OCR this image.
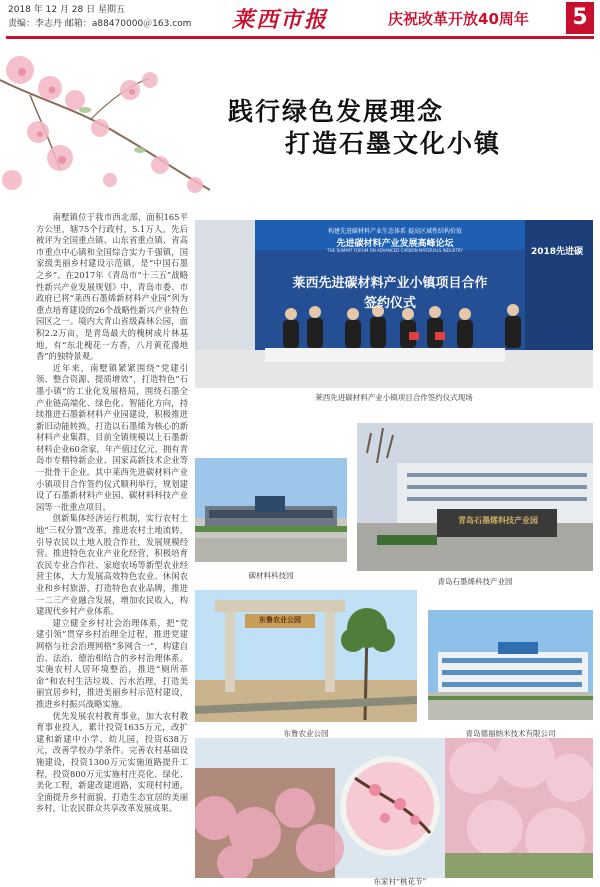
2018 年 12 月 28 日 星期五
责编：李志丹 邮箱：a88470000＠163.com 莱西市报	庆祝改革开放40周年 5
践行绿色发展理念
打造石墨文化小镇

南墅镇位于我市西北部，面积165平方公里，辖75个行政村，5.1万人。先后被评为全国重点镇、山东省重点镇、省高市重点中心镇和全国综合实力千强镇，国家级美丽乡村建设示范镇，是“中国石墨之乡”。在2017年《青岛市“十三五”战略性新兴产业发展规划》中，青岛市委、市政府已将“莱西石墨烯新材料产业园”列为重点培育建设的26个战略性新兴产业特色园区之一。境内大青山省级森林公园，面积2.2万亩，是青岛最大的槐树成片林基地，有“东北槐花一方香，八月黄花漫地香”的独特景观。

近年来，南墅镇紧紧围绕“党建引领、整合资源、提质增效”，打造特色“石墨小镇”的工业化发展格局，围绕石墨全产业链高端化、绿色化、智能化方向，持续推进石墨新材料产业园建设，积极推进新旧动能转换，打造以石墨烯为核心的新材料产业集群，目前全镇规模以上石墨新材料企业60余家，年产值过亿元，拥有青岛市专精特新企业、国家高新技术企业等一批骨干企业。其中莱西先进碳材料产业小镇项目合作签约仪式顺利举行，规划建设了石墨新材料产业园、碳材料科技产业园等一批重点项目。

创新集体经济运行机制，实行农村土地“三权分置”改革，推进农村土地流转，引导农民以土地入股合作社，发展规模经营。推进特色农业产业化经营，积极培育农民专业合作社、家庭农场等新型农业经营主体，大力发展高效特色农业、休闲农业和乡村旅游，打造特色农业品牌，推进一二三产业融合发展，增加农民收入，构建现代乡村产业体系。

建立健全乡村社会治理体系，把“党建引领”贯穿乡村治理全过程，推进党建网格与社会治理网格“多网合一”，构建自治、法治、德治相结合的乡村治理体系。实施农村人居环境整治，推进“厕所革命”和农村生活垃圾、污水治理，打造美丽宜居乡村，推进美丽乡村示范村建设，推进乡村振兴战略实施。

优先发展农村教育事业，加大农村教育事业投入，累计投资1635万元，改扩建和新建中小学、幼儿园，投资638万元，改善学校办学条件。完善农村基础设施建设，投资1300万元实施道路提升工程，投资800万元实施村庄亮化、绿化、美化工程，新建改建道路，实现村村通，全面提升乡村面貌，打造生态宜居的美丽乡村，让农民群众共享改革发展成果。

构建先进碳材料产业生态体系 提高区域性结构价值
先进碳材料产业发展高峰论坛
THE SUMMIT FORUM ON ADVANCED CARBON MATERIALS INDUSTRY
莱西先进碳材料产业小镇项目合作
签约仪式
2018先进碳
莱西先进碳材料产业小镇项目合作签约仪式现场
碳材料科技园
青岛石墨烯科技产业园
青岛石墨烯科技产业园
东鲁农业公园
东鲁农业公园	青岛德福纳米技术有限公司
东家村“桃花节”
